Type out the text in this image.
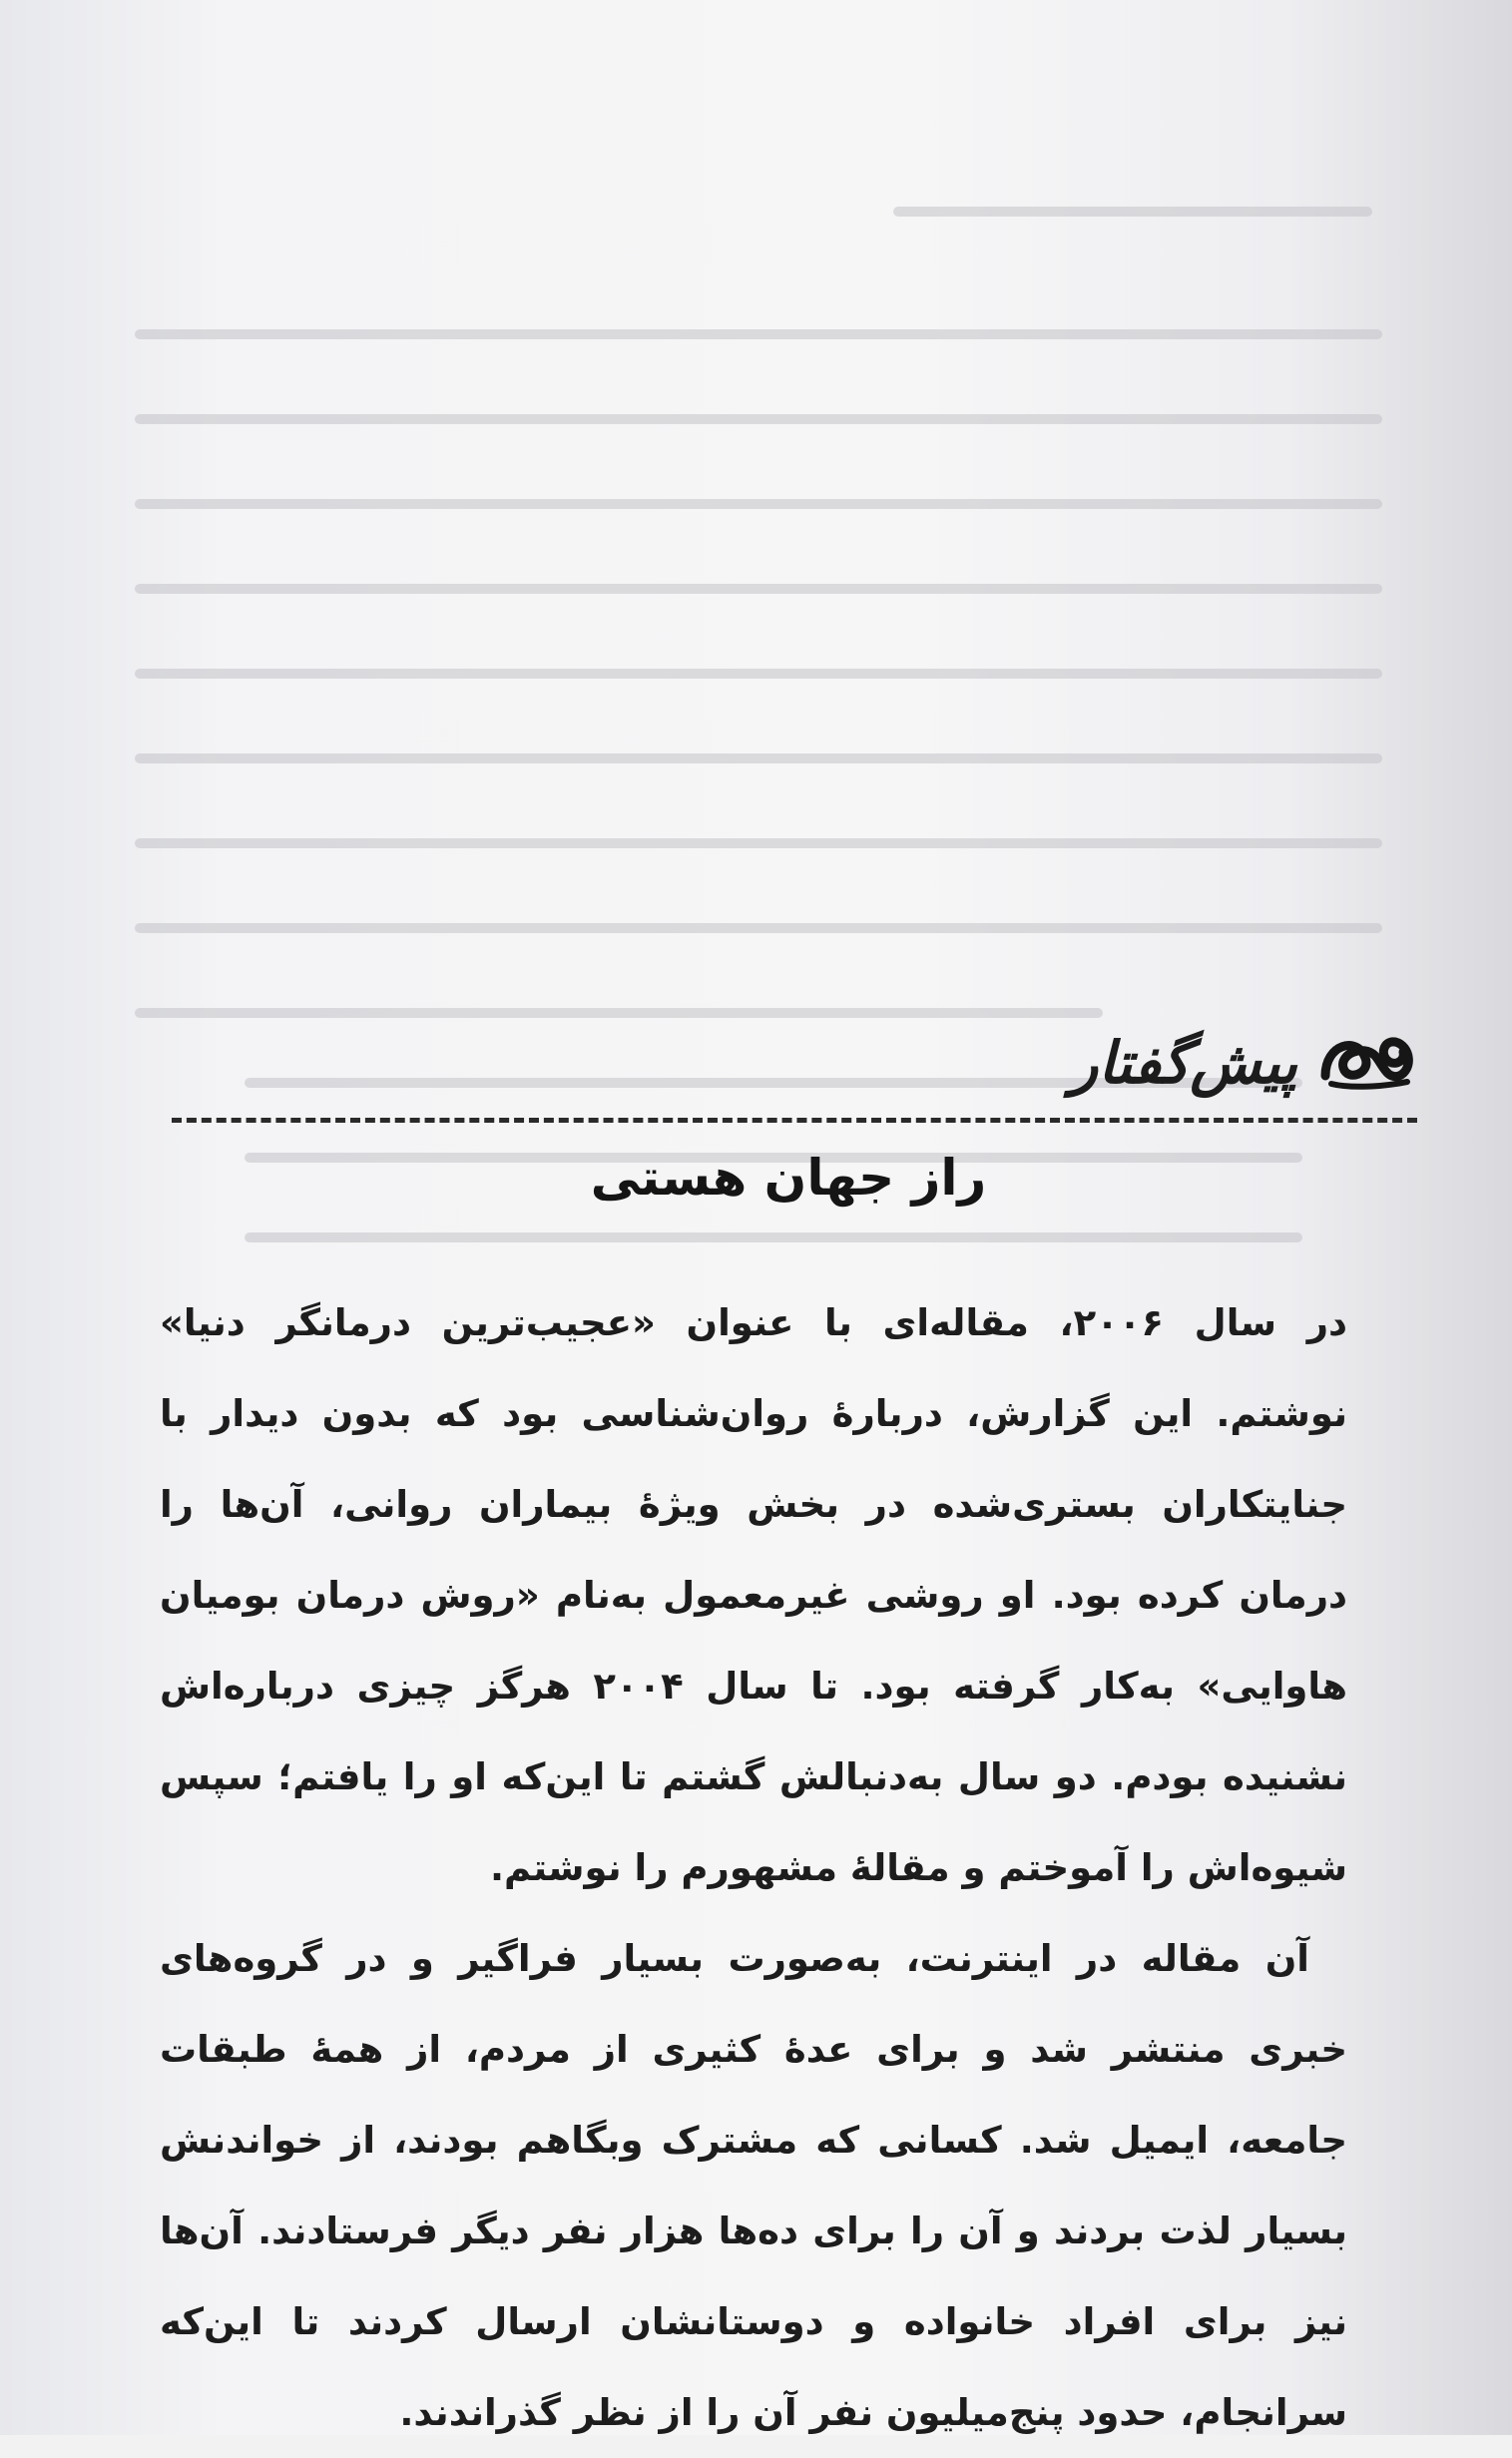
پیش‌گفتار
راز جهان هستی

در سال ۲۰۰۶، مقاله‌ای با عنوان «عجیب‌ترین درمانگر دنیا» نوشتم. این گزارش، دربارهٔ روان‌شناسی بود که بدون دیدار با جنایتکاران بستری‌شده در بخش ویژهٔ بیماران روانی، آن‌ها را درمان کرده بود. او روشی غیرمعمول به‌نام «روش درمان بومیان هاوایی» به‌کار گرفته بود. تا سال ۲۰۰۴ هرگز چیزی درباره‌اش نشنیده بودم. دو سال به‌دنبالش گشتم تا این‌که او را یافتم؛ سپس شیوه‌اش را آموختم و مقالهٔ مشهورم را نوشتم.

آن مقاله در اینترنت، به‌صورت بسیار فراگیر و در گروه‌های خبری منتشر شد و برای عدهٔ کثیری از مردم، از همهٔ طبقات جامعه، ایمیل شد. کسانی که مشترک وبگاهم بودند، از خواندنش بسیار لذت بردند و آن را برای ده‌ها هزار نفر دیگر فرستادند. آن‌ها نیز برای افراد خانواده و دوستانشان ارسال کردند تا این‌که سرانجام، حدود پنج‌میلیون نفر آن را از نظر گذراندند.
